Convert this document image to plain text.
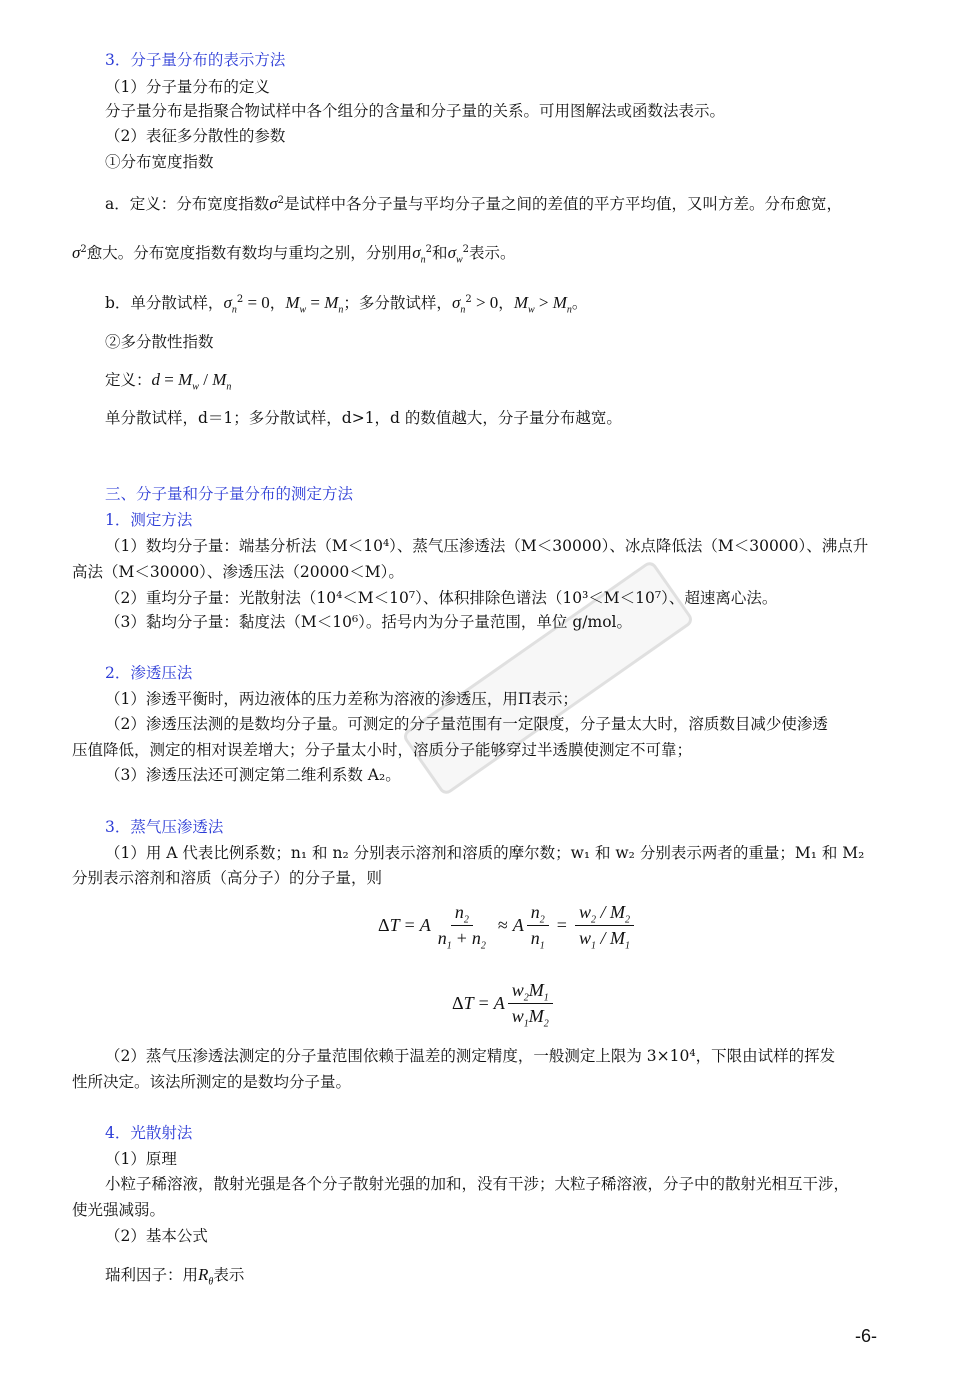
3．分子量分布的表示方法
（1）分子量分布的定义
分子量分布是指聚合物试样中各个组分的含量和分子量的关系。可用图解法或函数法表示。
（2）表征多分散性的参数
①分布宽度指数
a．定义：分布宽度指数$\sigma^2$是试样中各分子量与平均分子量之间的差值的平方平均值，又叫方差。分布愈宽，
$\sigma^2$愈大。分布宽度指数有数均与重均之别，分别用$\sigma_n^2$和$\sigma_w^2$表示。
b．单分散试样，$\sigma_n^2 = 0$，$M_w = M_n$；多分散试样，$\sigma_n^2 > 0$，$M_w > M_n$。
②多分散性指数
定义：$d = M_w / M_n$
单分散试样，d＝1；多分散试样，d>1，d 的数值越大，分子量分布越宽。
三、分子量和分子量分布的测定方法
1．测定方法
（1）数均分子量：端基分析法（M＜10⁴）、蒸气压渗透法（M＜30000）、冰点降低法（M＜30000）、沸点升
高法（M＜30000）、渗透压法（20000＜M）。
（2）重均分子量：光散射法（10⁴＜M＜10⁷）、体积排除色谱法（10³＜M＜10⁷）、超速离心法。
（3）黏均分子量：黏度法（M＜10⁶）。括号内为分子量范围，单位 g/mol。
2．渗透压法
（1）渗透平衡时，两边液体的压力差称为溶液的渗透压，用Π表示；
（2）渗透压法测的是数均分子量。可测定的分子量范围有一定限度，分子量太大时，溶质数目减少使渗透
压值降低，测定的相对误差增大；分子量太小时，溶质分子能够穿过半透膜使测定不可靠；
（3）渗透压法还可测定第二维利系数 A₂。
3．蒸气压渗透法
（1）用 A 代表比例系数；n₁ 和 n₂ 分别表示溶剂和溶质的摩尔数；w₁ 和 w₂ 分别表示两者的重量；M₁ 和 M₂
分别表示溶剂和溶质（高分子）的分子量，则
Δ T = A $\frac{n_2}{n_1 + n_2} \approx A \frac{n_2}{n_1} = \frac{w_2 / M_2}{w_1 / M_1}$
Δ T = A $\frac{w_2M_1}{w_1M_2}$
（2）蒸气压渗透法测定的分子量范围依赖于温差的测定精度，一般测定上限为 3×10⁴，下限由试样的挥发
性所决定。该法所测定的是数均分子量。
4．光散射法
（1）原理
小粒子稀溶液，散射光强是各个分子散射光强的加和，没有干涉；大粒子稀溶液，分子中的散射光相互干涉，
使光强减弱。
（2）基本公式
瑞利因子：用$R_\theta$表示
-6-
